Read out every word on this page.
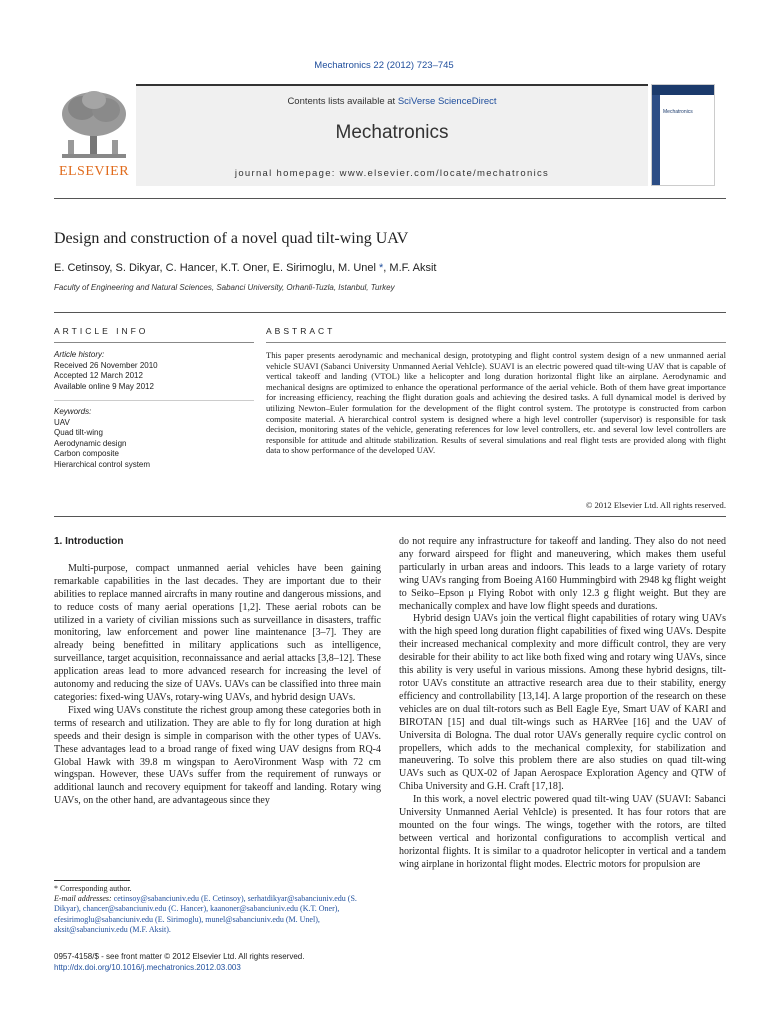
Mechatronics 22 (2012) 723–745
ELSEVIER
Contents lists available at SciVerse ScienceDirect
Mechatronics
journal homepage: www.elsevier.com/locate/mechatronics
Mechatronics
Design and construction of a novel quad tilt-wing UAV
E. Cetinsoy, S. Dikyar, C. Hancer, K.T. Oner, E. Sirimoglu, M. Unel *, M.F. Aksit
Faculty of Engineering and Natural Sciences, Sabanci University, Orhanli-Tuzla, Istanbul, Turkey
ARTICLE INFO	ABSTRACT
Article history:
Received 26 November 2010
Accepted 12 March 2012
Available online 9 May 2012
Keywords:
UAV
Quad tilt-wing
Aerodynamic design
Carbon composite
Hierarchical control system
This paper presents aerodynamic and mechanical design, prototyping and flight control system design of a new unmanned aerial vehicle SUAVI (Sabanci University Unmanned Aerial VehIcle). SUAVI is an electric powered quad tilt-wing UAV that is capable of vertical takeoff and landing (VTOL) like a helicopter and long duration horizontal flight like an airplane. Aerodynamic and mechanical designs are optimized to enhance the operational performance of the aerial vehicle. Both of them have great importance for increasing efficiency, reaching the flight duration goals and achieving the desired tasks. A full dynamical model is derived by utilizing Newton–Euler formulation for the development of the flight control system. The prototype is constructed from carbon composite material. A hierarchical control system is designed where a high level controller (supervisor) is responsible for task decision, monitoring states of the vehicle, generating references for low level controllers, etc. and several low level controllers are responsible for attitude and altitude stabilization. Results of several simulations and real flight tests are provided along with flight data to show performance of the developed UAV.
© 2012 Elsevier Ltd. All rights reserved.
1. Introduction

Multi-purpose, compact unmanned aerial vehicles have been gaining remarkable capabilities in the last decades. They are important due to their abilities to replace manned aircrafts in many routine and dangerous missions, and to reduce costs of many aerial operations [1,2]. These aerial robots can be utilized in a variety of civilian missions such as surveillance in disasters, traffic monitoring, law enforcement and power line maintenance [3–7]. They are already being benefitted in military applications such as intelligence, surveillance, target acquisition, reconnaissance and aerial attacks [3,8–12]. These application areas lead to more advanced research for increasing the level of autonomy and reducing the size of UAVs. UAVs can be classified into three main categories: fixed-wing UAVs, rotary-wing UAVs, and hybrid design UAVs.

Fixed wing UAVs constitute the richest group among these categories both in terms of research and utilization. They are able to fly for long duration at high speeds and their design is simple in comparison with the other types of UAVs. These advantages lead to a broad range of fixed wing UAV designs from RQ-4 Global Hawk with 39.8 m wingspan to AeroVironment Wasp with 72 cm wingspan. However, these UAVs suffer from the requirement of runways or additional launch and recovery equipment for takeoff and landing. Rotary wing UAVs, on the other hand, are advantageous since they

do not require any infrastructure for takeoff and landing. They also do not need any forward airspeed for flight and maneuvering, which makes them useful particularly in urban areas and indoors. This leads to a large variety of rotary wing UAVs ranging from Boeing A160 Hummingbird with 2948 kg flight weight to Seiko–Epson μ Flying Robot with only 12.3 g flight weight. But they are mechanically complex and have low flight speeds and durations.

Hybrid design UAVs join the vertical flight capabilities of rotary wing UAVs with the high speed long duration flight capabilities of fixed wing UAVs. Despite their increased mechanical complexity and more difficult control, they are very desirable for their ability to act like both fixed wing and rotary wing UAVs, since this ability is very useful in various missions. Among these hybrid designs, tilt-rotor UAVs constitute an attractive research area due to their stability, energy efficiency and controllability [13,14]. A large proportion of the research on these vehicles are on dual tilt-rotors such as Bell Eagle Eye, Smart UAV of KARI and BIROTAN [15] and dual tilt-wings such as HARVee [16] and the UAV of Universita di Bologna. The dual rotor UAVs generally require cyclic control on propellers, which adds to the mechanical complexity, for stabilization and maneuvering. To solve this problem there are also studies on quad tilt-wing UAVs such as QUX-02 of Japan Aerospace Exploration Agency and QTW of Chiba University and G.H. Craft [17,18].

In this work, a novel electric powered quad tilt-wing UAV (SUAVI: Sabanci University Unmanned Aerial VehIcle) is presented. It has four rotors that are mounted on the four wings. The wings, together with the rotors, are tilted between vertical and horizontal configurations to accomplish vertical and horizontal flights. It is similar to a quadrotor helicopter in vertical and a tandem wing airplane in horizontal flight modes. Electric motors for propulsion are

* Corresponding author.
E-mail addresses: cetinsoy@sabanciuniv.edu (E. Cetinsoy), serhatdikyar@sabanciuniv.edu (S. Dikyar), chancer@sabanciuniv.edu (C. Hancer), kaanoner@sabanciuniv.edu (K.T. Oner), efesirimoglu@sabanciuniv.edu (E. Sirimoglu), munel@sabanciuniv.edu (M. Unel), aksit@sabanciuniv.edu (M.F. Aksit).
0957-4158/$ - see front matter © 2012 Elsevier Ltd. All rights reserved.
http://dx.doi.org/10.1016/j.mechatronics.2012.03.003
